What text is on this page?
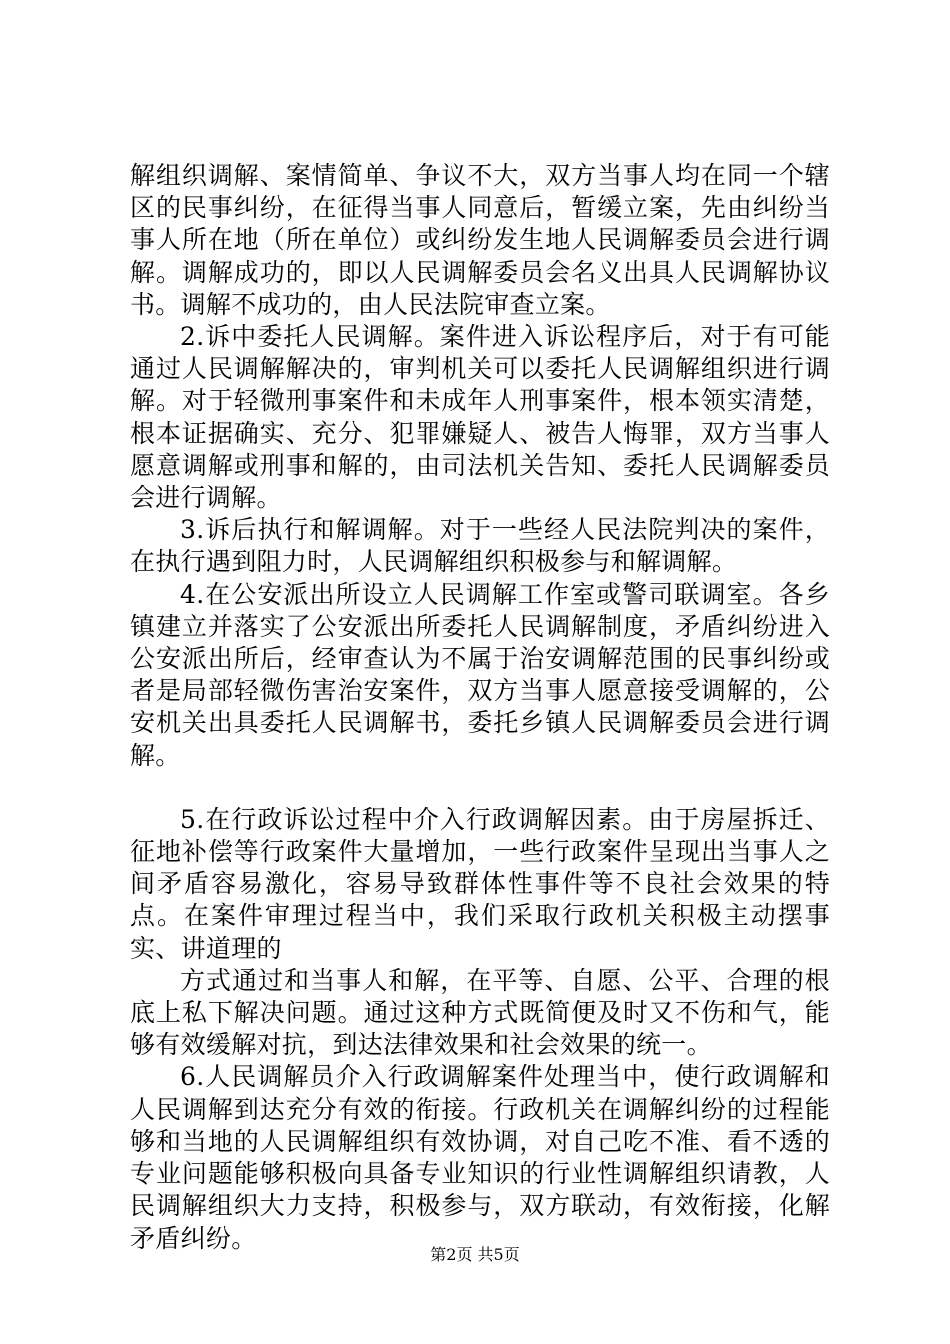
解组织调解、案情简单、争议不大，双方当事人均在同一个辖区的民事纠纷，在征得当事人同意后，暂缓立案，先由纠纷当事人所在地（所在单位）或纠纷发生地人民调解委员会进行调解。调解成功的，即以人民调解委员会名义出具人民调解协议书。调解不成功的，由人民法院审查立案。

2.诉中委托人民调解。案件进入诉讼程序后，对于有可能通过人民调解解决的，审判机关可以委托人民调解组织进行调解。对于轻微刑事案件和未成年人刑事案件，根本领实清楚，根本证据确实、充分、犯罪嫌疑人、被告人悔罪，双方当事人愿意调解或刑事和解的，由司法机关告知、委托人民调解委员会进行调解。

3.诉后执行和解调解。对于一些经人民法院判决的案件，在执行遇到阻力时，人民调解组织积极参与和解调解。

4.在公安派出所设立人民调解工作室或警司联调室。各乡镇建立并落实了公安派出所委托人民调解制度，矛盾纠纷进入公安派出所后，经审查认为不属于治安调解范围的民事纠纷或者是局部轻微伤害治安案件，双方当事人愿意接受调解的，公安机关出具委托人民调解书，委托乡镇人民调解委员会进行调解。

5.在行政诉讼过程中介入行政调解因素。由于房屋拆迁、征地补偿等行政案件大量增加，一些行政案件呈现出当事人之间矛盾容易激化，容易导致群体性事件等不良社会效果的特点。在案件审理过程当中，我们采取行政机关积极主动摆事实、讲道理的

方式通过和当事人和解，在平等、自愿、公平、合理的根底上私下解决问题。通过这种方式既简便及时又不伤和气，能够有效缓解对抗，到达法律效果和社会效果的统一。

6.人民调解员介入行政调解案件处理当中，使行政调解和人民调解到达充分有效的衔接。行政机关在调解纠纷的过程能够和当地的人民调解组织有效协调，对自己吃不准、看不透的专业问题能够积极向具备专业知识的行业性调解组织请教，人民调解组织大力支持，积极参与，双方联动，有效衔接，化解矛盾纠纷。

第2页 共5页
